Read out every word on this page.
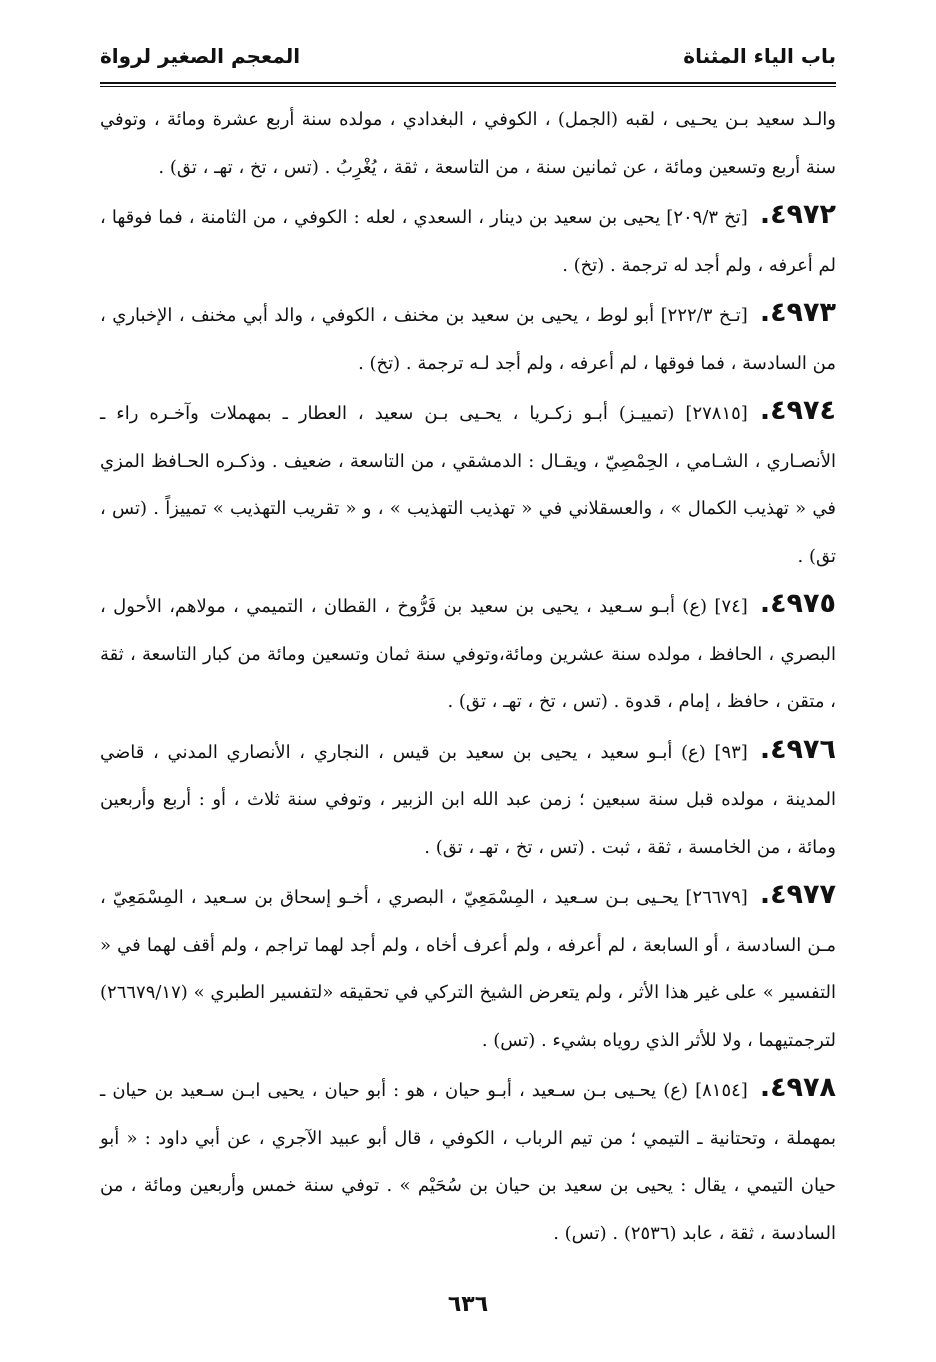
باب الياء المثناة
المعجم الصغير لرواة

والـد سعيد بـن يحـيى ، لقبه (الجمل) ، الكوفي ، البغدادي ، مولده سنة أربع عشرة ومائة ، وتوفي سنة أربع وتسعين ومائة ، عن ثمانين سنة ، من التاسعة ، ثقة ، يُغْرِبُ . (تس ، تخ ، تهـ ، تق) .

٤٩٧٢.[تخ ٢٠٩/٣] يحيى بن سعيد بن دينار ، السعدي ، لعله : الكوفي ، من الثامنة ، فما فوقها ، لم أعرفه ، ولم أجد له ترجمة . (تخ) .

٤٩٧٣.[تـخ ٢٢٢/٣] أبو لوط ، يحيى بن سعيد بن مخنف ، الكوفي ، والد أبي مخنف ، الإخباري ، من السادسة ، فما فوقها ، لم أعرفه ، ولم أجد لـه ترجمة . (تخ) .

٤٩٧٤.[٢٧٨١٥] (تمييـز) أبـو زكـريا ، يحـيى بـن سعيد ، العطار ـ بمهملات وآخـره راء ـ الأنصـاري ، الشـامي ، الحِمْصِيّ ، ويقـال : الدمشقي ، من التاسعة ، ضعيف . وذكـره الحـافظ المزي في « تهذيب الكمال » ، والعسقلاني في « تهذيب التهذيب » ، و « تقريب التهذيب » تمييزاً . (تس ، تق) .

٤٩٧٥.[٧٤] (ع) أبـو سـعيد ، يحيى بن سعيد بن فَرُّوخ ، القطان ، التميمي ، مولاهم، الأحول ، البصري ، الحافظ ، مولده سنة عشرين ومائة،وتوفي سنة ثمان وتسعين ومائة من كبار التاسعة ، ثقة ، متقن ، حافظ ، إمام ، قدوة . (تس ، تخ ، تهـ ، تق) .

٤٩٧٦.[٩٣] (ع) أبـو سعيد ، يحيى بن سعيد بن قيس ، النجاري ، الأنصاري المدني ، قاضي المدينة ، مولده قبل سنة سبعين ؛ زمن عبد الله ابن الزبير ، وتوفي سنة ثلاث ، أو : أربع وأربعين ومائة ، من الخامسة ، ثقة ، ثبت . (تس ، تخ ، تهـ ، تق) .

٤٩٧٧.[٢٦٦٧٩] يحـيى بـن سـعيد ، المِسْمَعِيّ ، البصري ، أخـو إسحاق بن سـعيد ، المِسْمَعِيّ ، مـن السادسة ، أو السابعة ، لم أعرفه ، ولم أعرف أخاه ، ولم أجد لهما تراجم ، ولم أقف لهما في « التفسير » على غير هذا الأثر ، ولم يتعرض الشيخ التركي في تحقيقه «لتفسير الطبري » (٢٦٦٧٩/١٧) لترجمتيهما ، ولا للأثر الذي روياه بشيء . (تس) .

٤٩٧٨.[٨١٥٤] (ع) يحـيى بـن سـعيد ، أبـو حيان ، هو : أبو حيان ، يحيى ابـن سـعيد بن حيان ـ بمهملة ، وتحتانية ـ التيمي ؛ من تيم الرباب ، الكوفي ، قال أبو عبيد الآجري ، عن أبي داود : « أبو حيان التيمي ، يقال : يحيى بن سعيد بن حيان بن سُحَيْم » . توفي سنة خمس وأربعين ومائة ، من السادسة ، ثقة ، عابد (٢٥٣٦) . (تس) .

٦٣٦
